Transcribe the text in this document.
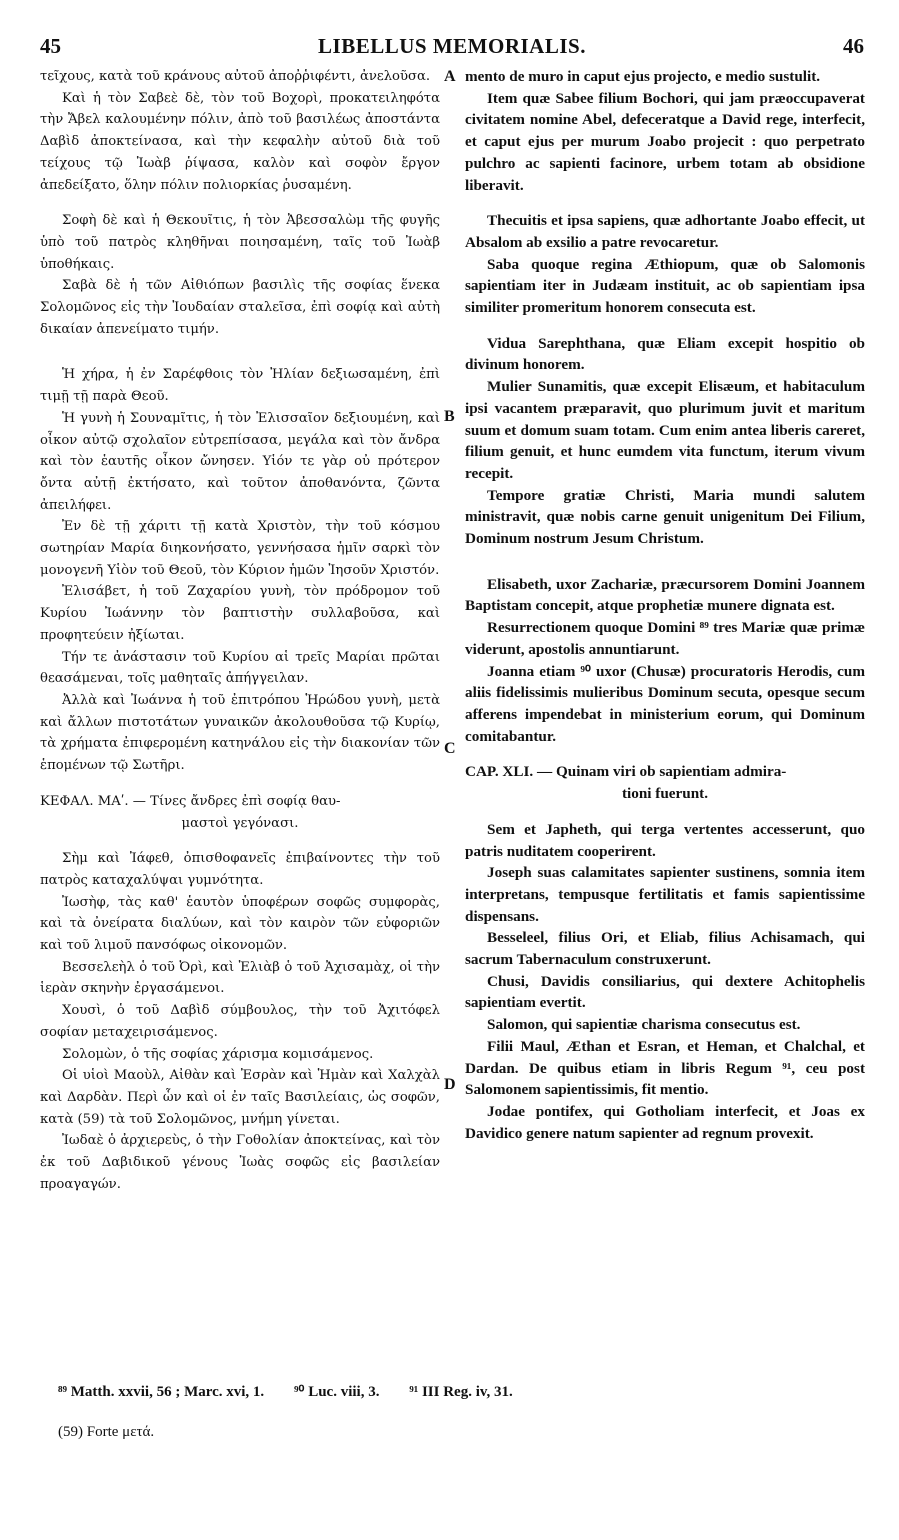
45	LIBELLUS MEMORIALIS.	46
τεῖχους, κατὰ τοῦ κράνους αὐτοῦ ἀποῤῥιφέντι, ἀνελοῦσα.
Καὶ ἡ τὸν Σαβεὲ δὲ, τὸν τοῦ Βοχορὶ, προκατειληφότα τὴν Ἄβελ καλουμένην πόλιν, ἀπὸ τοῦ βασιλέως ἀποστάντα Δαβὶδ ἀποκτείνασα, καὶ τὴν κεφαλὴν αὐτοῦ διὰ τοῦ τείχους τῷ Ἰωὰβ ῥίψασα, καλὸν καὶ σοφὸν ἔργον ἀπεδείξατο, ὅλην πόλιν πολιορκίας ῥυσαμένη.
Σοφὴ δὲ καὶ ἡ Θεκουῖτις, ἡ τὸν Ἀβεσσαλὼμ τῆς φυγῆς ὑπὸ τοῦ πατρὸς κληθῆναι ποιησαμένη, ταῖς τοῦ Ἰωὰβ ὑποθήκαις.
Σαβὰ δὲ ἡ τῶν Αἰθιόπων βασιλὶς τῆς σοφίας ἕνεκα Σολομῶνος εἰς τὴν Ἰουδαίαν σταλεῖσα, ἐπὶ σοφίᾳ καὶ αὐτὴ δικαίαν ἀπενείματο τιμήν.
Ἡ χήρα, ἡ ἐν Σαρέφθοις τὸν Ἠλίαν δεξιωσαμένη, ἐπὶ τιμῇ τῇ παρὰ Θεοῦ.
Ἡ γυνὴ ἡ Σουναμῖτις, ἡ τὸν Ἐλισσαῖον δεξιουμένη, καὶ οἶκον αὐτῷ σχολαῖον εὐτρεπίσασα, μεγάλα καὶ τὸν ἄνδρα καὶ τὸν ἑαυτῆς οἶκον ὤνησεν. Υἱόν τε γὰρ οὐ πρότερον ὄντα αὐτῇ ἐκτήσατο, καὶ τοῦτον ἀποθανόντα, ζῶντα ἀπειλήφει.
Ἐν δὲ τῇ χάριτι τῇ κατὰ Χριστὸν, τὴν τοῦ κόσμου σωτηρίαν Μαρία διηκονήσατο, γεννήσασα ἡμῖν σαρκὶ τὸν μονογενῆ Υἱὸν τοῦ Θεοῦ, τὸν Κύριον ἡμῶν Ἰησοῦν Χριστόν.
Ἐλισάβετ, ἡ τοῦ Ζαχαρίου γυνὴ, τὸν πρόδρομον τοῦ Κυρίου Ἰωάννην τὸν βαπτιστὴν συλλαβοῦσα, καὶ προφητεύειν ἠξίωται.
Τήν τε ἀνάστασιν τοῦ Κυρίου αἱ τρεῖς Μαρίαι πρῶται θεασάμεναι, τοῖς μαθηταῖς ἀπήγγειλαν.
Ἀλλὰ καὶ Ἰωάννα ἡ τοῦ ἐπιτρόπου Ἡρώδου γυνὴ, μετὰ καὶ ἄλλων πιστοτάτων γυναικῶν ἀκολουθοῦσα τῷ Κυρίῳ, τὰ χρήματα ἐπιφερομένη κατηνάλου εἰς τὴν διακονίαν τῶν ἑπομένων τῷ Σωτῆρι.
ΚΕΦΑΛ. ΜΑʹ. — Τίνες ἄνδρες ἐπὶ σοφίᾳ θαυ-
μαστοὶ γεγόνασι.
Σὴμ καὶ Ἰάφεθ, ὀπισθοφανεῖς ἐπιβαίνοντες τὴν τοῦ πατρὸς καταχαλύψαι γυμνότητα.
Ἰωσὴφ, τὰς καθ' ἑαυτὸν ὑποφέρων σοφῶς συμφορὰς, καὶ τὰ ὀνείρατα διαλύων, καὶ τὸν καιρὸν τῶν εὐφοριῶν καὶ τοῦ λιμοῦ πανσόφως οἰκονομῶν.
Βεσσελεὴλ ὁ τοῦ Ὀρὶ, καὶ Ἐλιὰβ ὁ τοῦ Ἀχισαμὰχ, οἱ τὴν ἱερὰν σκηνὴν ἐργασάμενοι.
Χουσὶ, ὁ τοῦ Δαβὶδ σύμβουλος, τὴν τοῦ Ἀχιτόφελ σοφίαν μεταχειρισάμενος.
Σολομὼν, ὁ τῆς σοφίας χάρισμα κομισάμενος.
Οἱ υἱοὶ Μαοὺλ, Αἰθὰν καὶ Ἐσρὰν καὶ Ἡμὰν καὶ Χαλχὰλ καὶ Δαρδὰν. Περὶ ὧν καὶ οἱ ἐν ταῖς Βασιλείαις, ὡς σοφῶν, κατὰ (59) τὰ τοῦ Σολομῶνος, μνήμη γίνεται.
Ἰωδαὲ ὁ ἀρχιερεὺς, ὁ τὴν Γοθολίαν ἀποκτείνας, καὶ τὸν ἐκ τοῦ Δαβιδικοῦ γένους Ἰωὰς σοφῶς εἰς βασιλείαν προαγαγών.
A
B
C
D
mento de muro in caput ejus projecto, e medio sustulit.
Item quæ Sabee filium Bochori, qui jam præoccupaverat civitatem nomine Abel, defeceratque a David rege, interfecit, et caput ejus per murum Joabo projecit : quo perpetrato pulchro ac sapienti facinore, urbem totam ab obsidione liberavit.
Thecuitis et ipsa sapiens, quæ adhortante Joabo effecit, ut Absalom ab exsilio a patre revocaretur.
Saba quoque regina Æthiopum, quæ ob Salomonis sapientiam iter in Judæam instituit, ac ob sapientiam ipsa similiter promeritum honorem consecuta est.
Vidua Sarephthana, quæ Eliam excepit hospitio ob divinum honorem.
Mulier Sunamitis, quæ excepit Elisæum, et habitaculum ipsi vacantem præparavit, quo plurimum juvit et maritum suum et domum suam totam. Cum enim antea liberis careret, filium genuit, et hunc eumdem vita functum, iterum vivum recepit.
Tempore gratiæ Christi, Maria mundi salutem ministravit, quæ nobis carne genuit unigenitum Dei Filium, Dominum nostrum Jesum Christum.
Elisabeth, uxor Zachariæ, præcursorem Domini Joannem Baptistam concepit, atque prophetiæ munere dignata est.
Resurrectionem quoque Domini ⁸⁹ tres Mariæ quæ primæ viderunt, apostolis annuntiarunt.
Joanna etiam ⁹⁰ uxor (Chusæ) procuratoris Herodis, cum aliis fidelissimis mulieribus Dominum secuta, opesque secum afferens impendebat in ministerium eorum, qui Dominum comitabantur.
CAP. XLI. — Quinam viri ob sapientiam admira-
tioni fuerunt.
Sem et Japheth, qui terga vertentes accesserunt, quo patris nuditatem cooperirent.
Joseph suas calamitates sapienter sustinens, somnia item interpretans, tempusque fertilitatis et famis sapientissime dispensans.
Besseleel, filius Ori, et Eliab, filius Achisamach, qui sacrum Tabernaculum construxerunt.
Chusi, Davidis consiliarius, qui dextere Achitophelis sapientiam evertit.
Salomon, qui sapientiæ charisma consecutus est.
Filii Maul, Æthan et Esran, et Heman, et Chalchal, et Dardan. De quibus etiam in libris Regum ⁹¹, ceu post Salomonem sapientissimis, fit mentio.
Jodae pontifex, qui Gotholiam interfecit, et Joas ex Davidico genere natum sapienter ad regnum provexit.
⁸⁹ Matth. xxvii, 56 ; Marc. xvi, 1. ⁹⁰ Luc. viii, 3. ⁹¹ III Reg. iv, 31.
(59) Forte μετά.
